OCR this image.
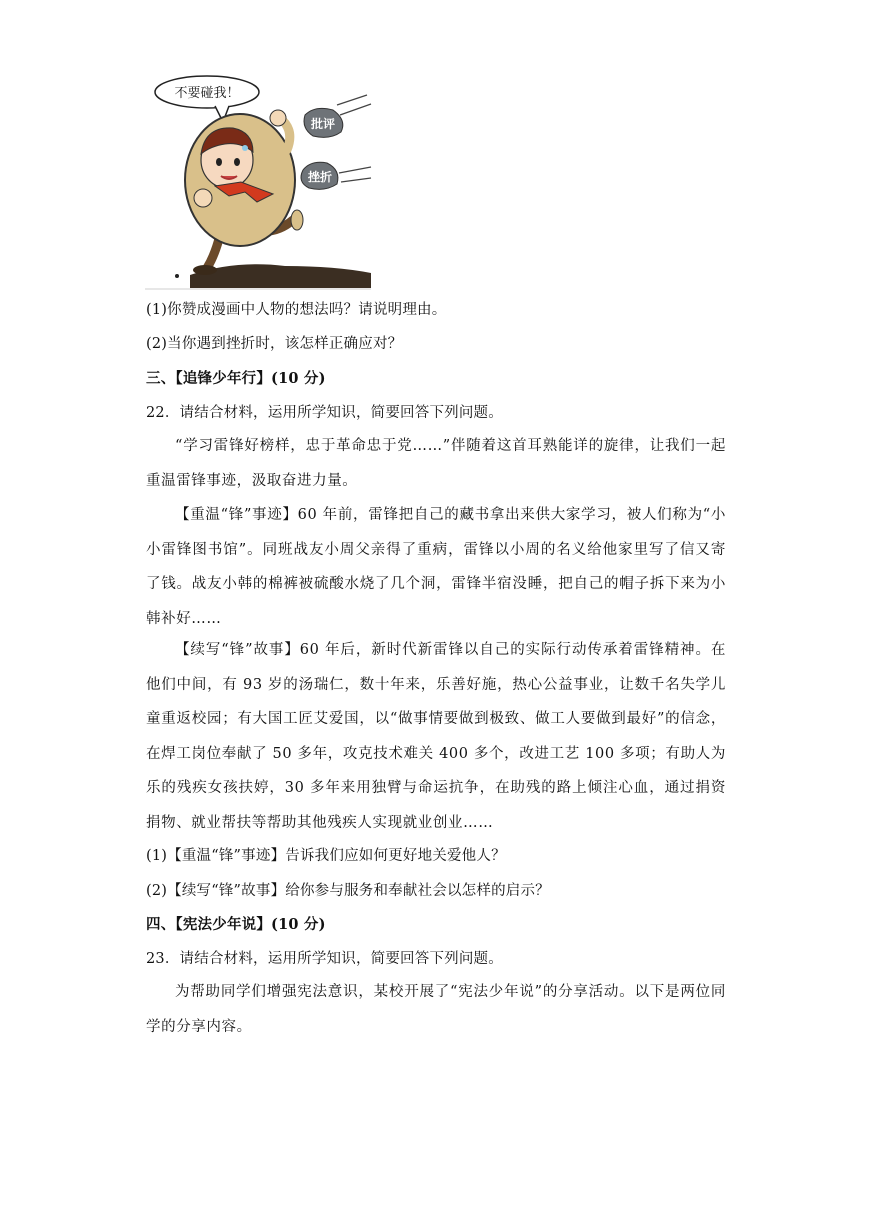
不要碰我！
批评
挫折
(1)你赞成漫画中人物的想法吗？请说明理由。
(2)当你遇到挫折时，该怎样正确应对？
三、【追锋少年行】(10 分)
22．请结合材料，运用所学知识，简要回答下列问题。
“学习雷锋好榜样，忠于革命忠于党……”伴随着这首耳熟能详的旋律，让我们一起重温雷锋事迹，汲取奋进力量。
【重温“锋”事迹】60 年前，雷锋把自己的藏书拿出来供大家学习，被人们称为“小小雷锋图书馆”。同班战友小周父亲得了重病，雷锋以小周的名义给他家里写了信又寄了钱。战友小韩的棉裤被硫酸水烧了几个洞，雷锋半宿没睡，把自己的帽子拆下来为小韩补好……
【续写“锋”故事】60 年后，新时代新雷锋以自己的实际行动传承着雷锋精神。在他们中间，有 93 岁的汤瑞仁，数十年来，乐善好施，热心公益事业，让数千名失学儿童重返校园；有大国工匠艾爱国，以“做事情要做到极致、做工人要做到最好”的信念，在焊工岗位奉献了 50 多年，攻克技术难关 400 多个，改进工艺 100 多项；有助人为乐的残疾女孩扶婷，30 多年来用独臂与命运抗争，在助残的路上倾注心血，通过捐资捐物、就业帮扶等帮助其他残疾人实现就业创业……
(1)【重温“锋”事迹】告诉我们应如何更好地关爱他人？
(2)【续写“锋”故事】给你参与服务和奉献社会以怎样的启示？
四、【宪法少年说】(10 分)
23．请结合材料，运用所学知识，简要回答下列问题。
为帮助同学们增强宪法意识，某校开展了“宪法少年说”的分享活动。以下是两位同学的分享内容。
